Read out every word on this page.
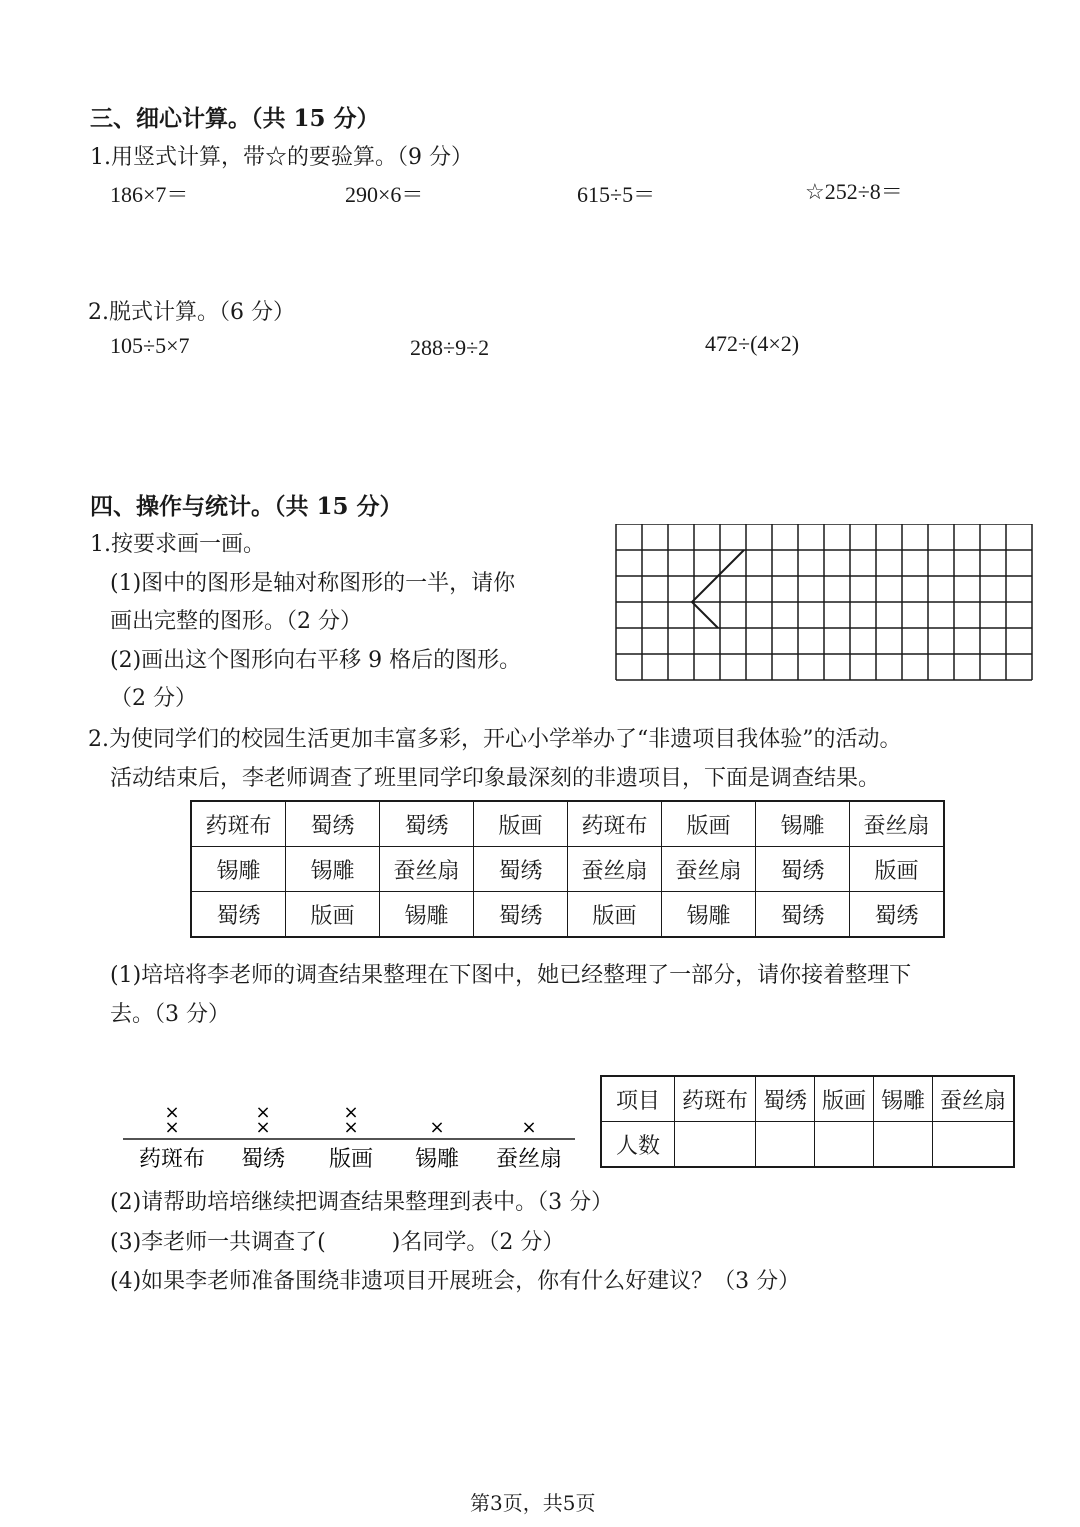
三、细心计算。（共 15 分）
1.用竖式计算，带☆的要验算。（9 分）
186×7＝	290×6＝	615÷5＝	☆252÷8＝
2.脱式计算。（6 分）
105÷5×7	288÷9÷2	472÷(4×2)
四、操作与统计。（共 15 分）
1.按要求画一画。
(1)图中的图形是轴对称图形的一半，请你
画出完整的图形。（2 分）
(2)画出这个图形向右平移 9 格后的图形。
（2 分）
2.为使同学们的校园生活更加丰富多彩，开心小学举办了“非遗项目我体验”的活动。
活动结束后，李老师调查了班里同学印象最深刻的非遗项目，下面是调查结果。
药斑布	蜀绣	蜀绣	版画	药斑布	版画	锡雕	蚕丝扇
锡雕	锡雕	蚕丝扇	蜀绣	蚕丝扇	蚕丝扇	蜀绣	版画
蜀绣	版画	锡雕	蜀绣	版画	锡雕	蜀绣	蜀绣
(1)培培将李老师的调查结果整理在下图中，她已经整理了一部分，请你接着整理下
去。（3 分）
×
×
×
×
×
×
×	×
药斑布 蜀绣 版画 锡雕 蚕丝扇
项目	药斑布	蜀绣	版画	锡雕	蚕丝扇
人数					
(2)请帮助培培继续把调查结果整理到表中。（3 分）
(3)李老师一共调查了(　　　)名同学。（2 分）
(4)如果李老师准备围绕非遗项目开展班会，你有什么好建议？（3 分）
第3页，共5页
